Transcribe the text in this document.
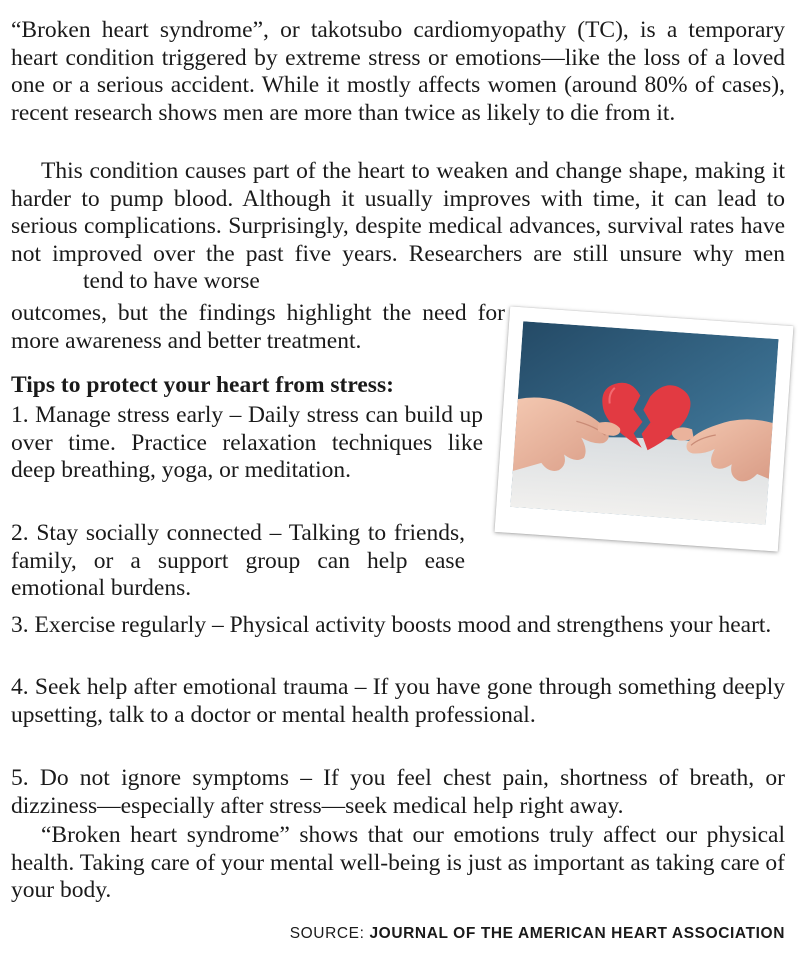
“Broken heart syndrome”, or takotsubo cardiomyopathy (TC), is a temporary heart condition triggered by extreme stress or emotions—like the loss of a loved one or a serious accident. While it mostly affects women (around 80% of cases), recent research shows men are more than twice as likely to die from it.

This condition causes part of the heart to weaken and change shape, making it harder to pump blood. Although it usually improves with time, it can lead to serious complications. Surprisingly, despite medical advances, survival rates have not improved over the past five years. Researchers are still unsure why mentend to have worse

outcomes, but the findings highlight the need for more awareness and better treatment.

Tips to protect your heart from stress:

1. Manage stress early – Daily stress can build up over time. Practice relaxation techniques like deep breathing, yoga, or meditation.

2. Stay socially connected – Talking to friends, family, or a support group can help ease emotional burdens.

3. Exercise regularly – Physical activity boosts mood and strengthens your heart.

4. Seek help after emotional trauma – If you have gone through something deeply upsetting, talk to a doctor or mental health professional.

5. Do not ignore symptoms – If you feel chest pain, shortness of breath, or dizziness—especially after stress—seek medical help right away.

“Broken heart syndrome” shows that our emotions truly affect our physical health. Taking care of your mental well-being is just as important as taking care of your body.

SOURCE: JOURNAL OF THE AMERICAN HEART ASSOCIATION
